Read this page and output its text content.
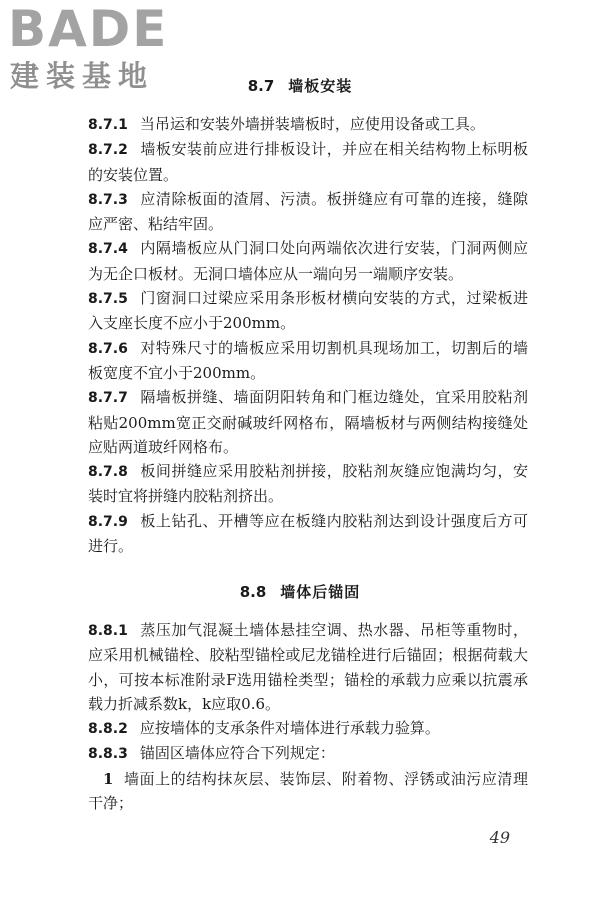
BADE
建装基地	8.7 墙板安装

8.7.1 当吊运和安装外墙拼装墙板时，应使用设备或工具。

8.7.2 墙板安装前应进行排板设计，并应在相关结构物上标明板的安装位置。

8.7.3 应清除板面的渣屑、污渍。板拼缝应有可靠的连接，缝隙应严密、粘结牢固。

8.7.4 内隔墙板应从门洞口处向两端依次进行安装，门洞两侧应为无企口板材。无洞口墙体应从一端向另一端顺序安装。

8.7.5 门窗洞口过梁应采用条形板材横向安装的方式，过梁板进入支座长度不应小于200mm。

8.7.6 对特殊尺寸的墙板应采用切割机具现场加工，切割后的墙板宽度不宜小于200mm。

8.7.7 隔墙板拼缝、墙面阴阳转角和门框边缝处，宜采用胶粘剂粘贴200mm宽正交耐碱玻纤网格布，隔墙板材与两侧结构接缝处应贴两道玻纤网格布。

8.7.8 板间拼缝应采用胶粘剂拼接，胶粘剂灰缝应饱满均匀，安装时宜将拼缝内胶粘剂挤出。

8.7.9 板上钻孔、开槽等应在板缝内胶粘剂达到设计强度后方可进行。

8.8 墙体后锚固

8.8.1 蒸压加气混凝土墙体悬挂空调、热水器、吊柜等重物时，应采用机械锚栓、胶粘型锚栓或尼龙锚栓进行后锚固；根据荷载大小，可按本标准附录F选用锚栓类型；锚栓的承载力应乘以抗震承载力折减系数k，k应取0.6。

8.8.2 应按墙体的支承条件对墙体进行承载力验算。

8.8.3 锚固区墙体应符合下列规定：

1 墙面上的结构抹灰层、装饰层、附着物、浮锈或油污应清理干净；

49
